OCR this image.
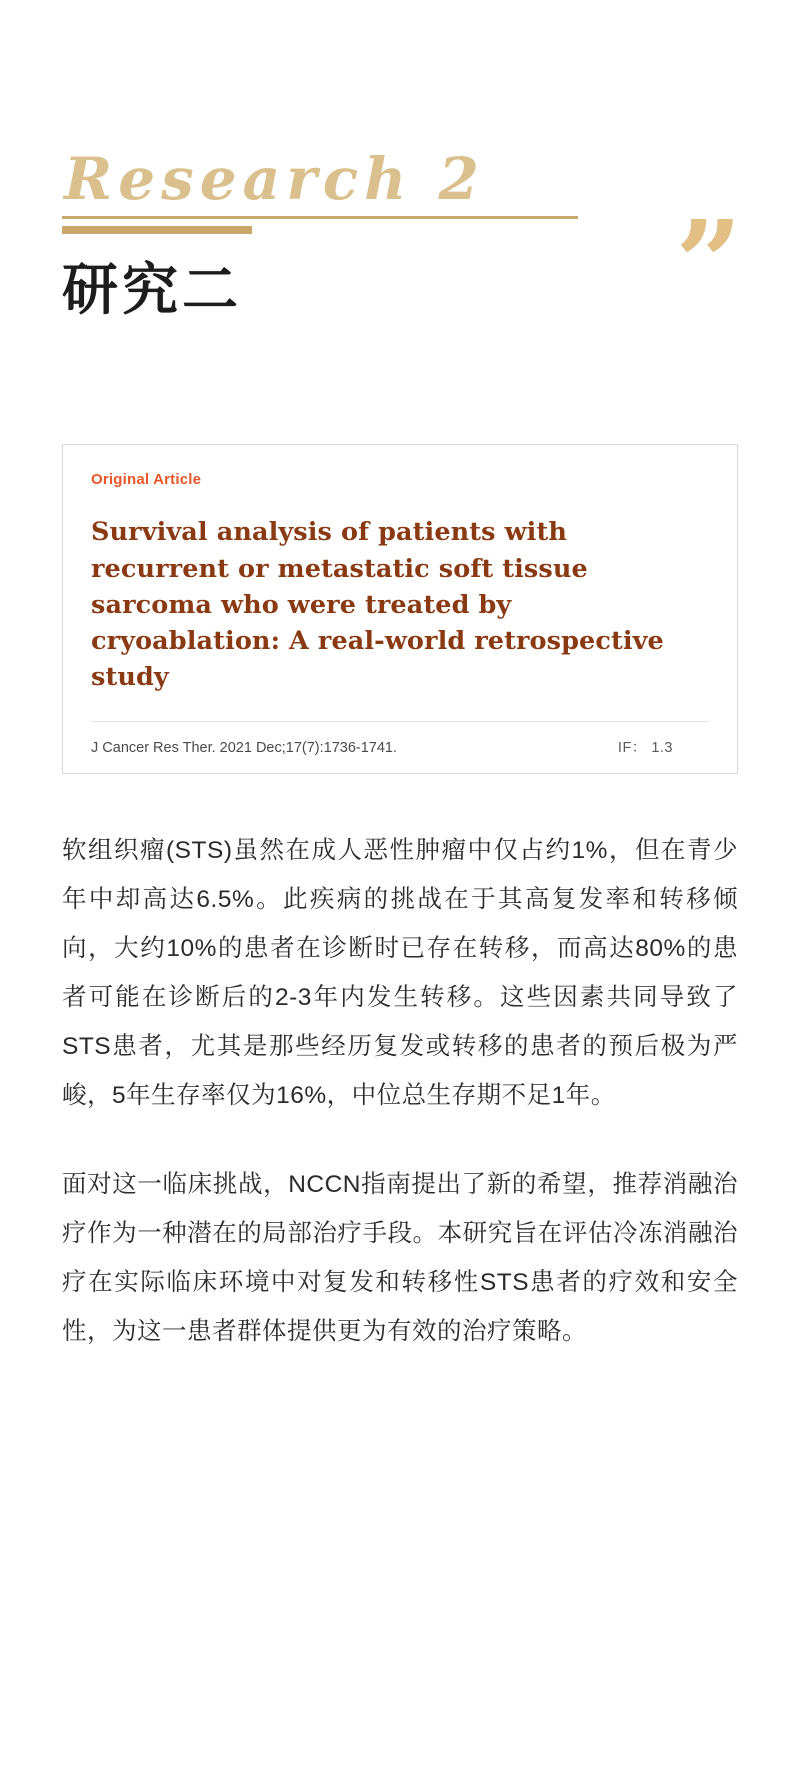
Research 2
研究二	”
Original Article
Survival analysis of patients with recurrent or metastatic soft tissue sarcoma who were treated by cryoablation: A real-world retrospective study
J Cancer Res Ther. 2021 Dec;17(7):1736-1741.	IF： 1.3

软组织瘤(STS)虽然在成人恶性肿瘤中仅占约1%，但在青少年中却高达6.5%。此疾病的挑战在于其高复发率和转移倾向，大约10%的患者在诊断时已存在转移，而高达80%的患者可能在诊断后的2-3年内发生转移。这些因素共同导致了STS患者，尤其是那些经历复发或转移的患者的预后极为严峻，5年生存率仅为16%，中位总生存期不足1年。

面对这一临床挑战，NCCN指南提出了新的希望，推荐消融治疗作为一种潜在的局部治疗手段。本研究旨在评估冷冻消融治疗在实际临床环境中对复发和转移性STS患者的疗效和安全性，为这一患者群体提供更为有效的治疗策略。
